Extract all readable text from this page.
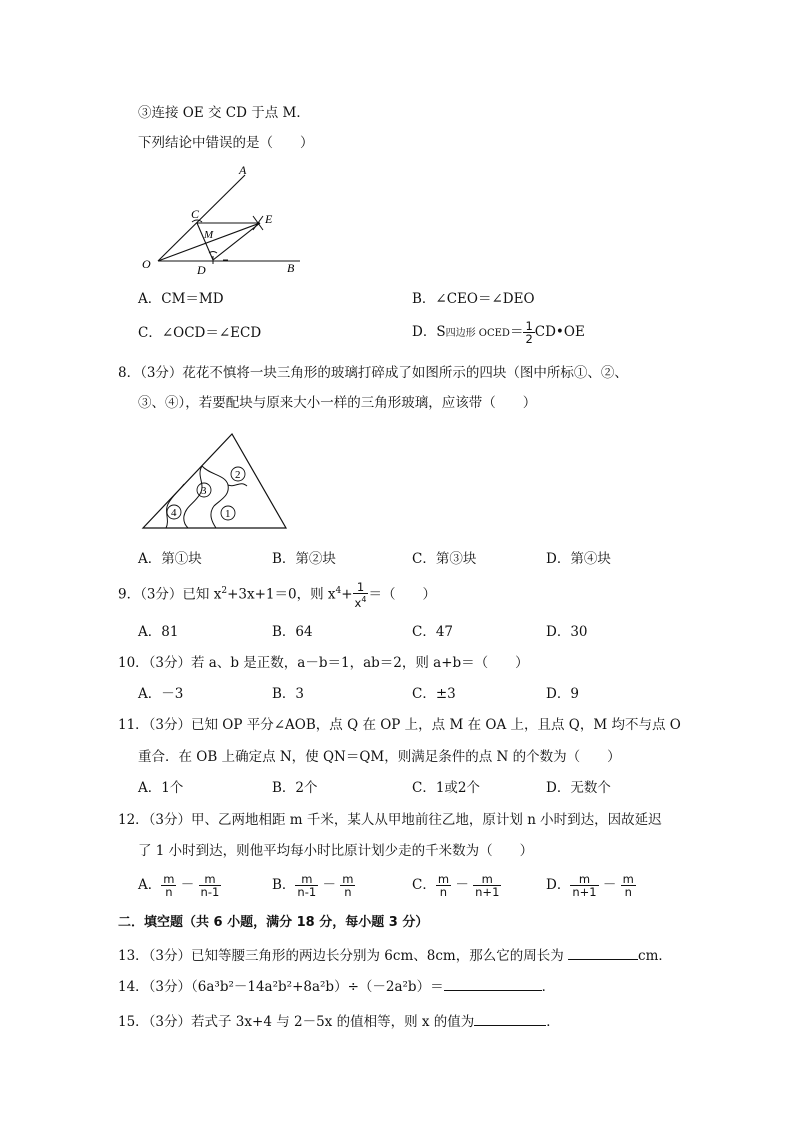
③连接 OE 交 CD 于点 M．
下列结论中错误的是（　　）
A
C	E
M
O	D	B
A．CM＝MD	B．∠CEO＝∠DEO
C．∠OCD＝∠ECD	D．S四边形 OCED＝ $\frac{1}{2}$ CD•OE
8．（3分）花花不慎将一块三角形的玻璃打碎成了如图所示的四块（图中所标①、②、
③、④），若要配块与原来大小一样的三角形玻璃，应该带（　　）
2
3
4	1
A．第①块	B．第②块	C．第③块	D．第④块
9．（3分）已知 $x^2+3x+1=0$，则 $x^4+ \frac{1}{x^4}$ ＝（　　）
A．81	B．64	C．47	D．30
10．（3分）若 a、b 是正数，a－b＝1，ab＝2，则 a+b＝（　　）
A．－3	B．3	C．±3	D．9
11．（3分）已知 OP 平分∠AOB，点 Q 在 OP 上，点 M 在 OA 上，且点 Q，M 均不与点 O
重合．在 OB 上确定点 N，使 QN＝QM，则满足条件的点 N 的个数为（　　）
A．1个	B．2个	C．1或2个	D．无数个
12．（3分）甲、乙两地相距 m 千米，某人从甲地前往乙地，原计划 n 小时到达，因故延迟
了 1 小时到达，则他平均每小时比原计划少走的千米数为（　　）
A． $\frac{m}{n} - \frac{m}{n-1}$	B． $\frac{m}{n-1} - \frac{m}{n}$	C． $\frac{m}{n} - \frac{m}{n+1}$	D． $\frac{m}{n+1} - \frac{m}{n}$
二．填空题（共 6 小题，满分 18 分，每小题 3 分）
13．（3分）已知等腰三角形的两边长分别为 6cm、8cm，那么它的周长为	cm．
14．（3分）（6a³b²－14a²b²+8a²b）÷（－2a²b）＝	．
15．（3分）若式子 3x+4 与 2－5x 的值相等，则 x 的值为	．
